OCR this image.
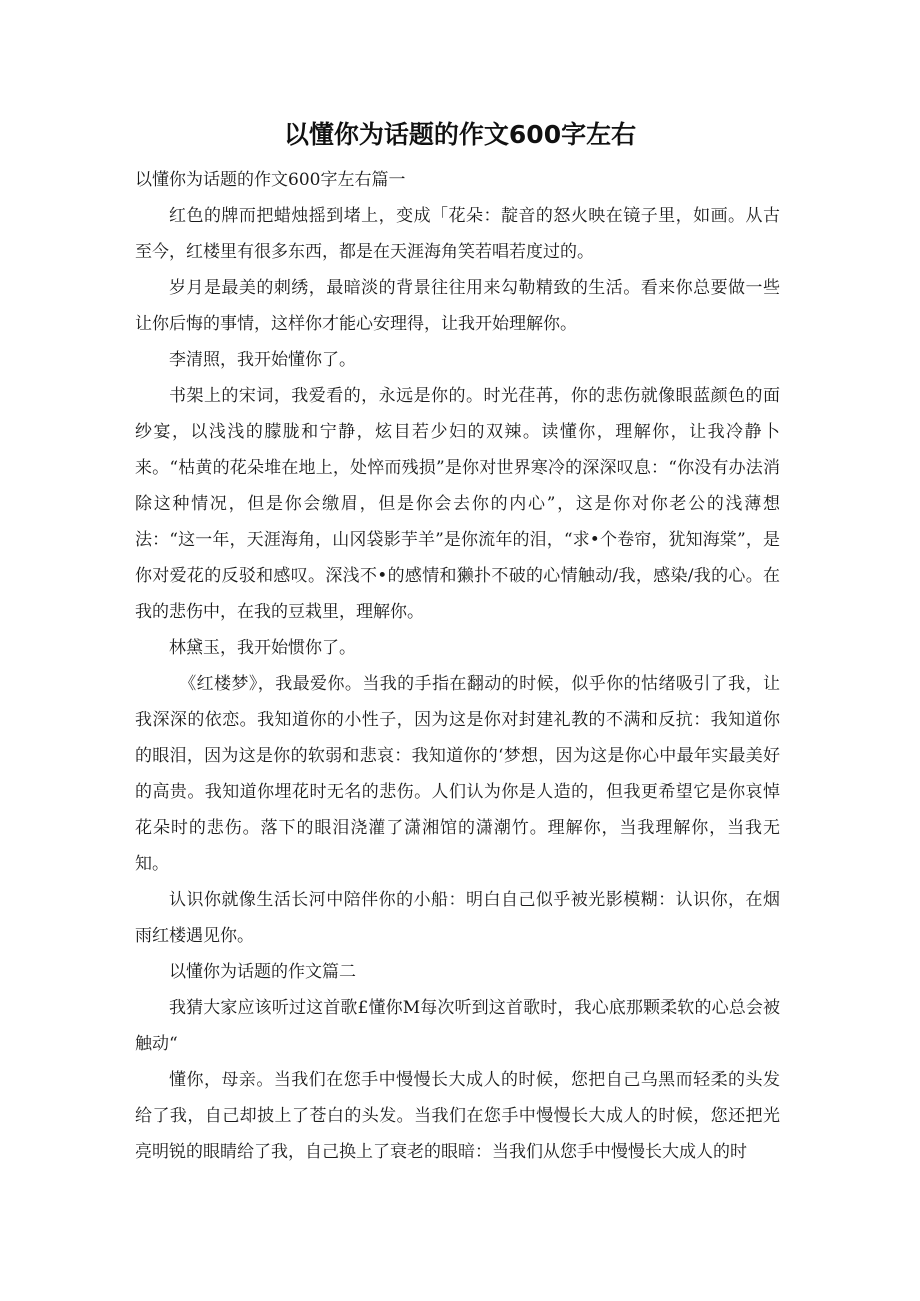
以懂你为话题的作文600字左右

以懂你为话题的作文600字左右篇一

红色的牌而把蜡烛摇到堵上，变成「花朵：靛音的怒火映在镜子里，如画。从古至今，红楼里有很多东西，都是在天涯海角笑若唱若度过的。

岁月是最美的刺绣，最暗淡的背景往往用来勾勒精致的生活。看来你总要做一些让你后悔的事情，这样你才能心安理得，让我开始理解你。

李清照，我开始懂你了。

书架上的宋词，我爱看的，永远是你的。时光荏苒，你的悲伤就像眼蓝颜色的面纱宴，以浅浅的朦胧和宁静，炫目若少妇的双辣。读懂你，理解你，让我冷静卜来。“枯黄的花朵堆在地上，处悴而残损”是你对世界寒冷的深深叹息：“你没有办法消除这种情况，但是你会缴眉，但是你会去你的内心”，这是你对你老公的浅薄想法：“这一年，天涯海角，山冈袋影芋羊”是你流年的泪，“求•个卷帘，犹知海棠”，是你对爱花的反驳和感叹。深浅不•的感情和獭扑不破的心情触动/我，感染/我的心。在我的悲伤中，在我的豆栽里，理解你。

林黛玉，我开始惯你了。

《红楼梦》，我最爱你。当我的手指在翻动的时候，似乎你的怙绪吸引了我，让我深深的依恋。我知道你的小性子，因为这是你对封建礼教的不满和反抗：我知道你的眼泪，因为这是你的软弱和悲哀：我知道你的‘梦想，因为这是你心中最年实最美好的高贵。我知道你埋花时无名的悲伤。人们认为你是人造的，但我更希望它是你哀悼花朵时的悲伤。落下的眼泪浇灌了潇湘馆的潇潮竹。理解你，当我理解你，当我无知。

认识你就像生活长河中陪伴你的小船：明白自己似乎被光影模糊：认识你，在烟雨红楼遇见你。

以懂你为话题的作文篇二

我猜大家应该听过这首歌£懂你M每次听到这首歌时，我心底那颗柔软的心总会被触动“

懂你，母亲。当我们在您手中慢慢长大成人的时候，您把自己乌黑而轻柔的头发给了我，自己却披上了苍白的头发。当我们在您手中慢慢长大成人的时候，您还把光亮明锐的眼睛给了我，自己换上了衰老的眼暗：当我们从您手中慢慢长大成人的时
